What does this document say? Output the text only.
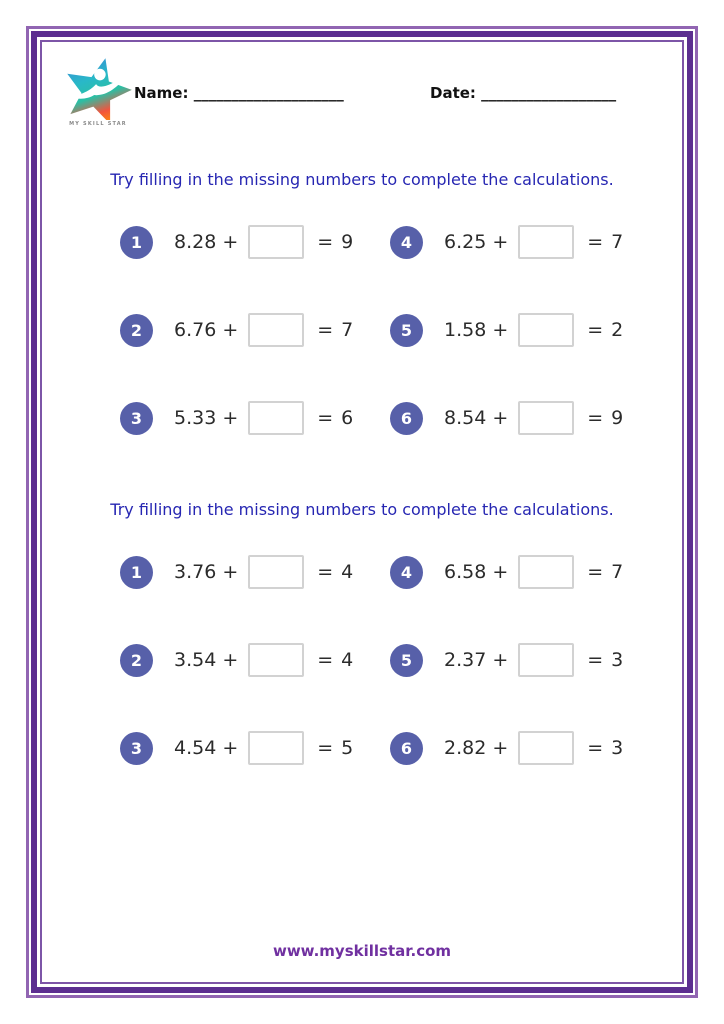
MY SKILL STAR
Name: ____________________	Date: __________________
Try filling in the missing numbers to complete the calculations.
1	8.28 +	= 9	4	6.25 +	= 7
2	6.76 +	= 7	5	1.58 +	= 2
3	5.33 +	= 6	6	8.54 +	= 9
Try filling in the missing numbers to complete the calculations.
1	3.76 +	= 4	4	6.58 +	= 7
2	3.54 +	= 4	5	2.37 +	= 3
3	4.54 +	= 5	6	2.82 +	= 3
www.myskillstar.com
